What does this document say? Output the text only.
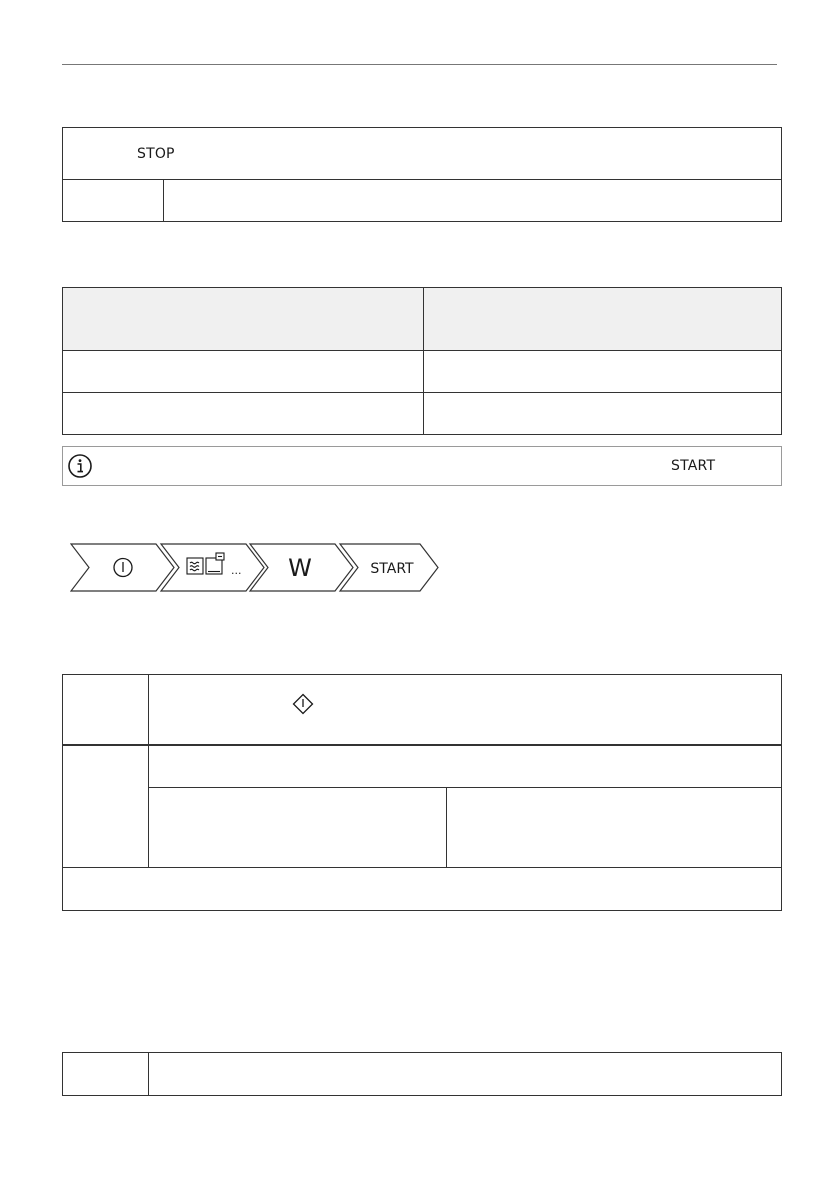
STOP
START
... W	START
